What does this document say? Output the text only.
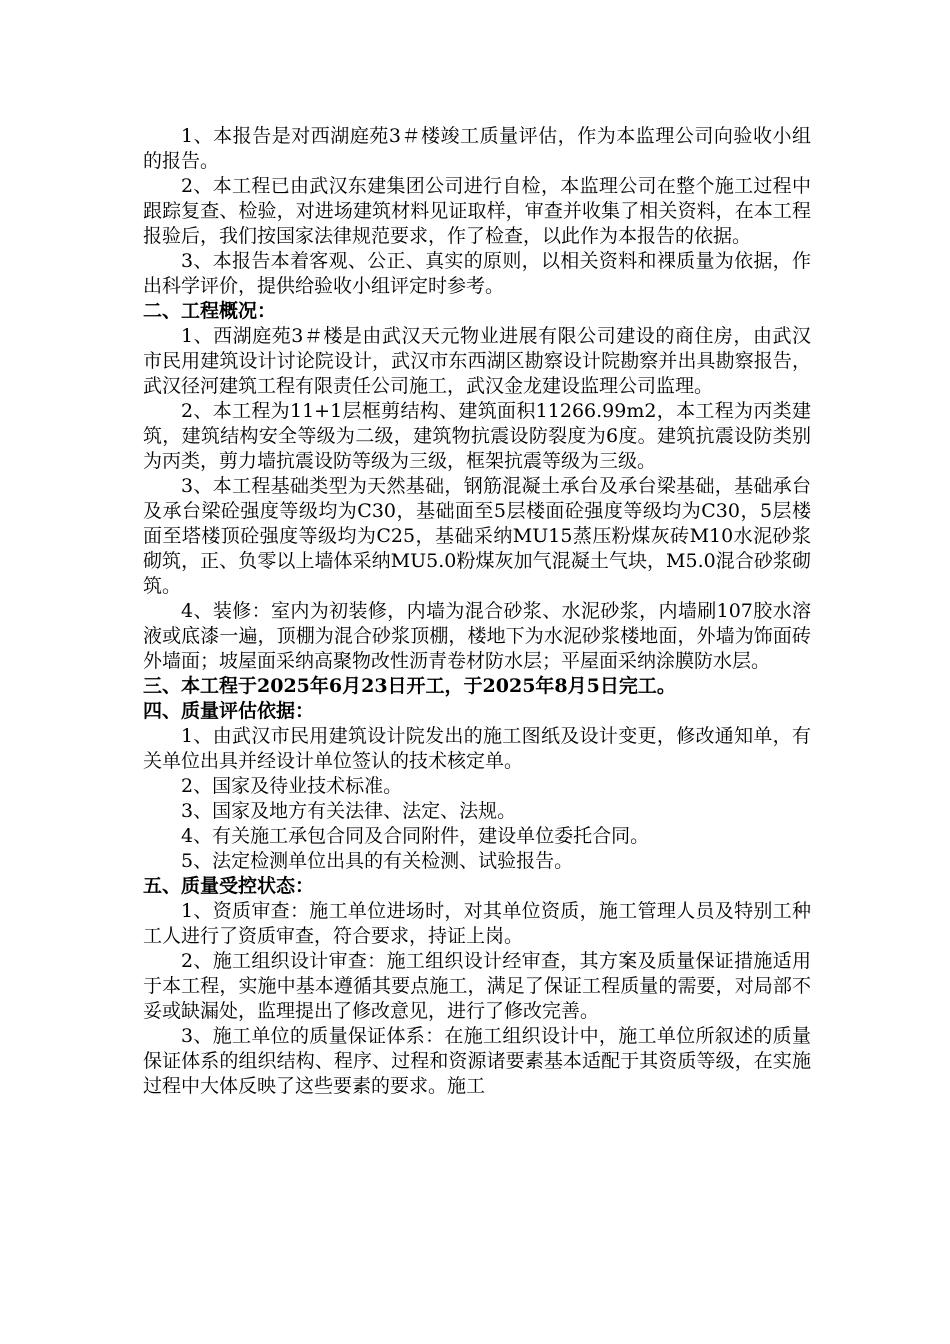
1、本报告是对西湖庭苑3＃楼竣工质量评估，作为本监理公司向验收小组的报告。

2、本工程已由武汉东建集团公司进行自检，本监理公司在整个施工过程中跟踪复查、检验，对进场建筑材料见证取样，审查并收集了相关资料，在本工程报验后，我们按国家法律规范要求，作了检查，以此作为本报告的依据。

3、本报告本着客观、公正、真实的原则，以相关资料和裸质量为依据，作出科学评价，提供给验收小组评定时参考。

二、工程概况：

1、西湖庭苑3＃楼是由武汉天元物业进展有限公司建设的商住房，由武汉市民用建筑设计讨论院设计，武汉市东西湖区勘察设计院勘察并出具勘察报告，武汉径河建筑工程有限责任公司施工，武汉金龙建设监理公司监理。

2、本工程为11+1层框剪结构、建筑面积11266.99m2，本工程为丙类建筑，建筑结构安全等级为二级，建筑物抗震设防裂度为6度。建筑抗震设防类别为丙类，剪力墙抗震设防等级为三级，框架抗震等级为三级。

3、本工程基础类型为天然基础，钢筋混凝土承台及承台梁基础，基础承台及承台梁砼强度等级均为C30，基础面至5层楼面砼强度等级均为C30，5层楼面至塔楼顶砼强度等级均为C25，基础采纳MU15蒸压粉煤灰砖M10水泥砂浆砌筑，正、负零以上墙体采纳MU5.0粉煤灰加气混凝土气块，M5.0混合砂浆砌筑。

4、装修：室内为初装修，内墙为混合砂浆、水泥砂浆，内墙刷107胶水溶液或底漆一遍，顶棚为混合砂浆顶棚，楼地下为水泥砂浆楼地面，外墙为饰面砖外墙面；坡屋面采纳高聚物改性沥青卷材防水层；平屋面采纳涂膜防水层。

三、本工程于2025年6月23日开工，于2025年8月5日完工。

四、质量评估依据：

1、由武汉市民用建筑设计院发出的施工图纸及设计变更，修改通知单，有关单位出具并经设计单位签认的技术核定单。

2、国家及待业技术标准。

3、国家及地方有关法律、法定、法规。

4、有关施工承包合同及合同附件，建设单位委托合同。

5、法定检测单位出具的有关检测、试验报告。

五、质量受控状态：

1、资质审查：施工单位进场时，对其单位资质，施工管理人员及特别工种工人进行了资质审查，符合要求，持证上岗。

2、施工组织设计审查：施工组织设计经审查，其方案及质量保证措施适用于本工程，实施中基本遵循其要点施工，满足了保证工程质量的需要，对局部不妥或缺漏处，监理提出了修改意见，进行了修改完善。

3、施工单位的质量保证体系：在施工组织设计中，施工单位所叙述的质量保证体系的组织结构、程序、过程和资源诸要素基本适配于其资质等级，在实施过程中大体反映了这些要素的要求。施工
